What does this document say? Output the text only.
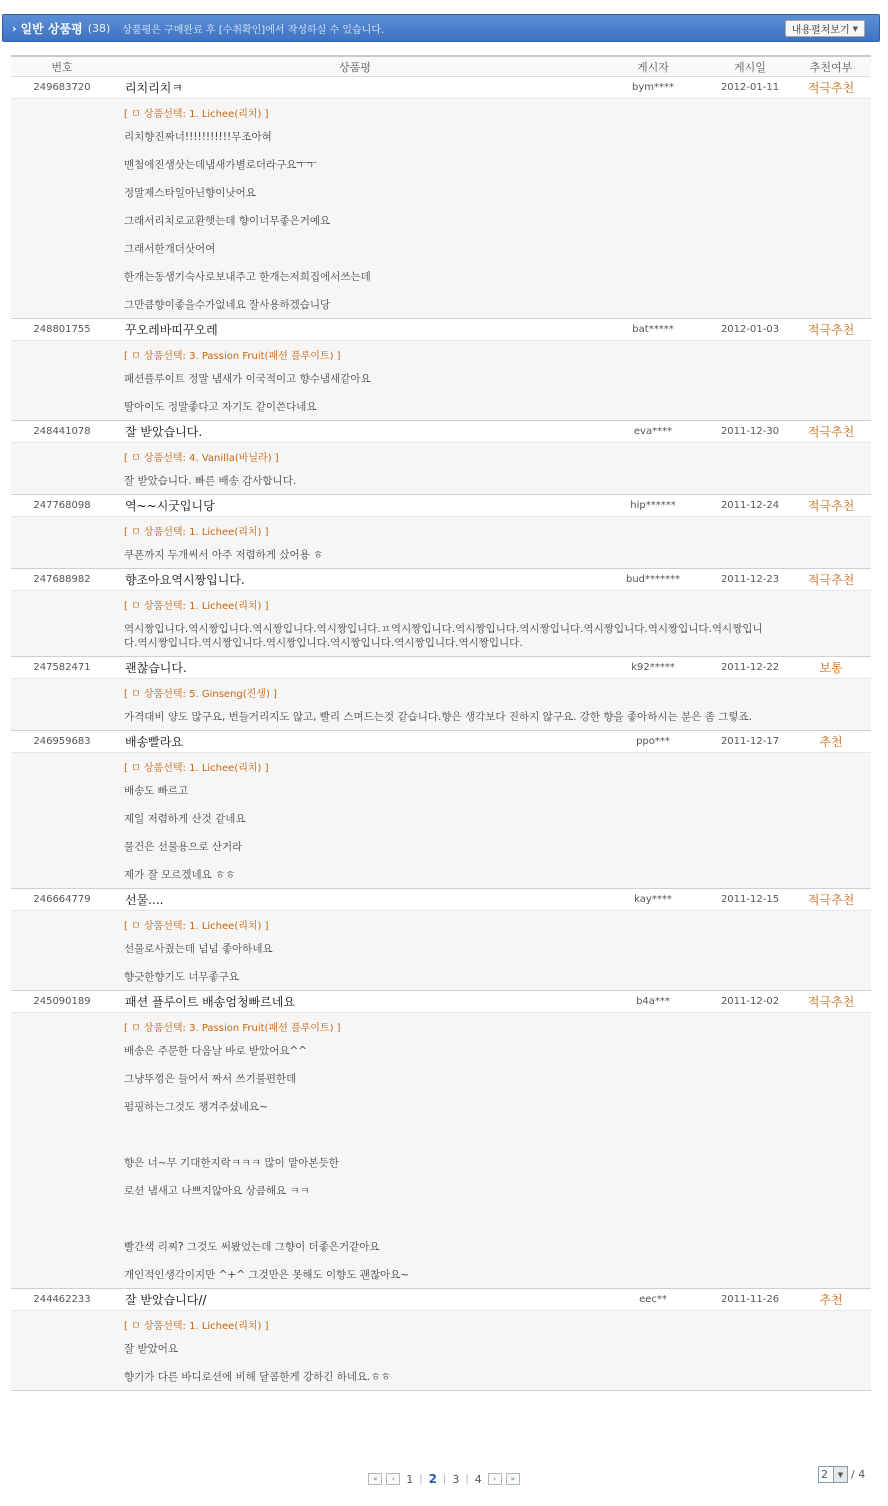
› 일반 상품평 (38) 상품평은 구매완료 후 [수취확인]에서 작성하실 수 있습니다.	내용펼쳐보기 ▼
번호	상품평	게시자	게시일	추천여부
249683720	리치리치ㅋ	bym****	2012-01-11	적극추천
[ ㅁ 상품선택: 1. Lichee(리치) ]
리치향진짜너!!!!!!!!!!!무조아혀
맨첨에진생삿는데냄새가별로더라구요ㅜㅜ
정말제스타일아닌향이낫어요
그래서리치로교환햇는데 향이너무좋은거예요
그래서한개더삿어여
한개는동생기숙사로보내주고 한개는저희집에서쓰는데
그만큼향이좋을수가없네요 잘사용하겠습니당
248801755	꾸오레바띠꾸오레	bat*****	2012-01-03	적극추천
[ ㅁ 상품선택: 3. Passion Fruit(패션 플루이트) ]
패션플루이트 정말 냄새가 이국적이고 향수냄새같아요
딸아이도 정말좋다고 자기도 같이쓴다네요
248441078	잘 받았습니다.	eva****	2011-12-30	적극추천
[ ㅁ 상품선택: 4. Vanilla(바닐라) ]
잘 받았습니다. 빠른 배송 감사합니다.
247768098	역~~시굿입니당	hip******	2011-12-24	적극추천
[ ㅁ 상품선택: 1. Lichee(리치) ]
쿠폰까지 두개써서 아주 저렴하게 샀어용 ㅎ
247688982	향조아요역시짱입니다.	bud*******	2011-12-23	적극추천
[ ㅁ 상품선택: 1. Lichee(리치) ]
역시짱입니다.역시짱입니다.역시짱입니다.역시짱입니다.ㅍ역시짱입니다.역시짱입니다.역시짱입니다.역시짱입니다.역시짱입니다.역시짱입니
다.역시짱입니다.역시짱입니다.역시짱입니다.역시짱입니다.역시짱입니다.역시짱입니다.
247582471	괜찮습니다.	k92*****	2011-12-22	보통
[ ㅁ 상품선택: 5. Ginseng(진생) ]
가격대비 양도 많구요, 번들거리지도 않고, 빨리 스며드는것 같습니다.향은 생각보다 진하지 않구요. 강한 향을 좋아하시는 분은 좀 그렇죠.
246959683	배송빨라요	ppo***	2011-12-17	추천
[ ㅁ 상품선택: 1. Lichee(리치) ]
배송도 빠르고
제일 저렴하게 산것 같네요
물건은 선물용으로 산거라
제가 잘 모르겠네요 ㅎㅎ
246664779	선물....	kay****	2011-12-15	적극추천
[ ㅁ 상품선택: 1. Lichee(리치) ]
선물로사줬는데 넘넘 좋아하네요
향긋한향기도 너무좋구요
245090189	패션 플루이트 배송엄청빠르네요	b4a***	2011-12-02	적극추천
[ ㅁ 상품선택: 3. Passion Fruit(패션 플루이트) ]
배송은 주문한 다음날 바로 받았어요^^
그냥뚜껑은 들어서 짜서 쓰기불편한데
펌핑하는그것도 챙겨주셨네요~
향은 너~무 기대한지락ㅋㅋㅋ 많이 맡아본듯한
로션 냄새고 나쁘지않아요 상큼해요 ㅋㅋ
빨간색 리찌? 그것도 써봤었는데 그향이 더좋은거같아요
개인적인생각이지만 ^+^ 그것만은 못해도 이향도 괜찮아요~
244462233	잘 받았습니다//	eec**	2011-11-26	추천
[ ㅁ 상품선택: 1. Lichee(리치) ]
잘 받았어요
향기가 다른 바디로션에 비해 달콤한게 강하긴 하네요.ㅎㅎ
«	‹	1 | 2 | 3 | 4	›	»	2	▼ / 4
